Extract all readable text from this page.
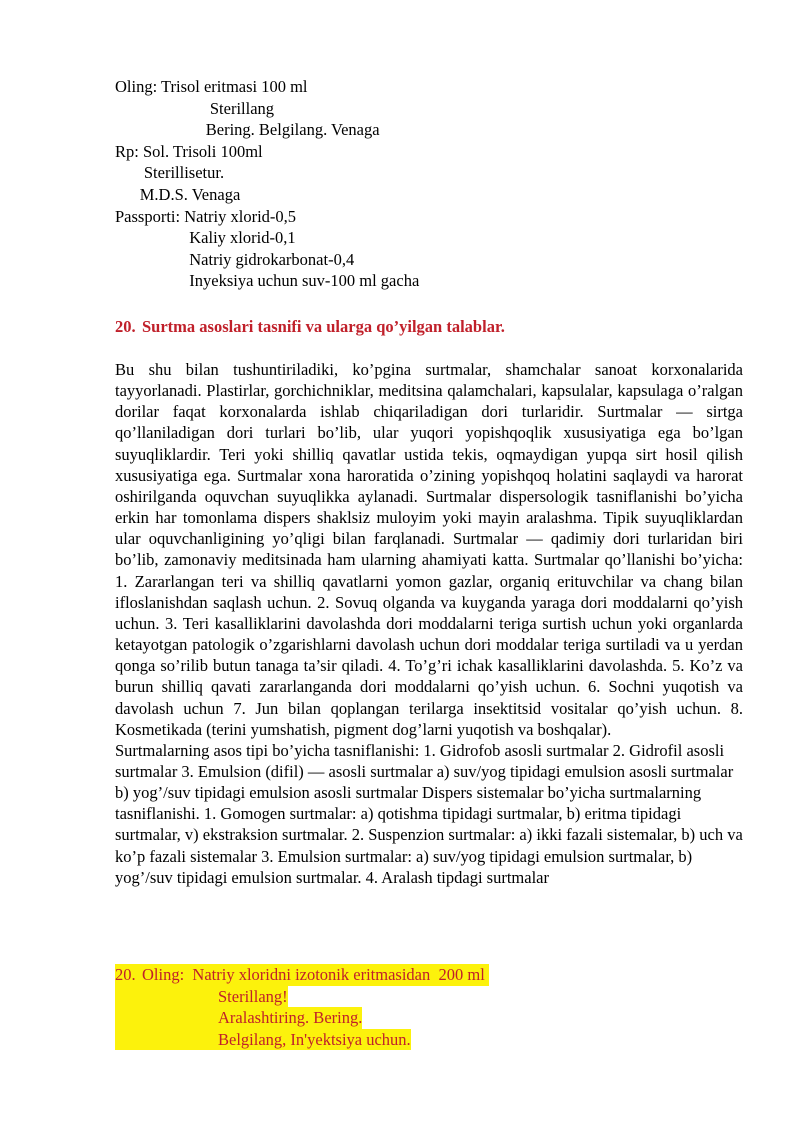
Oling: Trisol eritmasi 100 ml
Sterillang
Bering. Belgilang. Venaga
Rp: Sol. Trisoli 100ml
Sterillisetur.
M.D.S. Venaga
Passporti: Natriy xlorid-0,5
Kaliy xlorid-0,1
Natriy gidrokarbonat-0,4
Inyeksiya uchun suv-100 ml gacha
20. Surtma asoslari tasnifi va ularga qo’yilgan talablar.

Bu shu bilan tushuntiriladiki, ko’pgina surtmalar, shamchalar sanoat korxonalarida tayyorlanadi. Plastirlar, gorchichniklar, meditsina qalamchalari, kapsulalar, kapsulaga o’ralgan dorilar faqat korxonalarda ishlab chiqariladigan dori turlaridir. Surtmalar — sirtga qo’llaniladigan dori turlari bo’lib, ular yuqori yopishqoqlik xususiyatiga ega bo’lgan suyuqliklardir. Teri yoki shilliq qavatlar ustida tekis, oqmaydigan yupqa sirt hosil qilish xususiyatiga ega. Surtmalar xona haroratida o’zining yopishqoq holatini saqlaydi va harorat oshirilganda oquvchan suyuqlikka aylanadi. Surtmalar dispersologik tasniflanishi bo’yicha erkin har tomonlama dispers shaklsiz muloyim yoki mayin aralashma. Tipik suyuqliklardan ular oquvchanligining yo’qligi bilan farqlanadi. Surtmalar — qadimiy dori turlaridan biri bo’lib, zamonaviy meditsinada ham ularning ahamiyati katta. Surtmalar qo’llanishi bo’yicha: 1. Zararlangan teri va shilliq qavatlarni yomon gazlar, organiq erituvchilar va chang bilan ifloslanishdan saqlash uchun. 2. Sovuq olganda va kuyganda yaraga dori moddalarni qo’yish uchun. 3. Teri kasalliklarini davolashda dori moddalarni teriga surtish uchun yoki organlarda ketayotgan patologik o’zgarishlarni davolash uchun dori moddalar teriga surtiladi va u yerdan qonga so’rilib butun tanaga ta’sir qiladi. 4. To’g’ri ichak kasalliklarini davolashda. 5. Ko’z va burun shilliq qavati zararlanganda dori moddalarni qo’yish uchun. 6. Sochni yuqotish va davolash uchun 7. Jun bilan qoplangan terilarga insektitsid vositalar qo’yish uchun. 8. Kosmetikada (terini yumshatish, pigment dog’larni yuqotish va boshqalar).

Surtmalarning asos tipi bo’yicha tasniflanishi: 1. Gidrofob asosli surtmalar 2. Gidrofil asosli surtmalar 3. Emulsion (difil) — asosli surtmalar a) suv/yog tipidagi emulsion asosli surtmalar b) yog’/suv tipidagi emulsion asosli surtmalar Dispers sistemalar bo’yicha surtmalarning tasniflanishi. 1. Gomogen surtmalar: a) qotishma tipidagi surtmalar, b) eritma tipidagi surtmalar, v) ekstraksion surtmalar. 2. Suspenzion surtmalar: a) ikki fazali sistemalar, b) uch va ko’p fazali sistemalar 3. Emulsion surtmalar: a) suv/yog tipidagi emulsion surtmalar, b) yog’/suv tipidagi emulsion surtmalar. 4. Aralash tipdagi surtmalar

20. Oling:  Natriy xloridni izotonik eritmasidan  200 ml
Sterillang!
Aralashtiring. Bering.
Belgilang, In'yektsiya uchun.
